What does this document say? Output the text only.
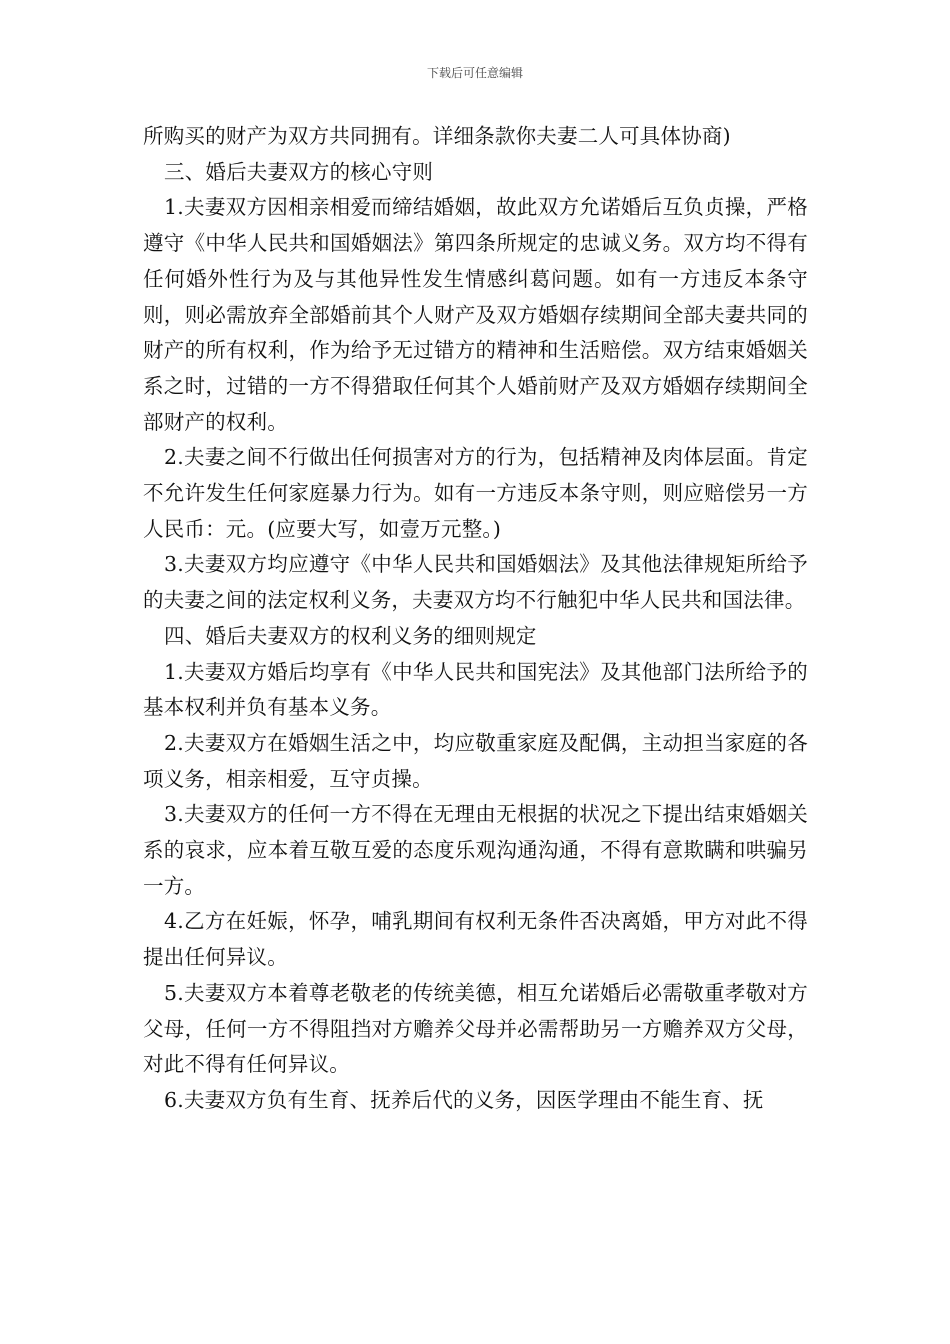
下载后可任意编辑

所购买的财产为双方共同拥有。详细条款你夫妻二人可具体协商)

三、婚后夫妻双方的核心守则

1.夫妻双方因相亲相爱而缔结婚姻，故此双方允诺婚后互负贞操，严格遵守《中华人民共和国婚姻法》第四条所规定的忠诚义务。双方均不得有任何婚外性行为及与其他异性发生情感纠葛问题。如有一方违反本条守则，则必需放弃全部婚前其个人财产及双方婚姻存续期间全部夫妻共同的财产的所有权利，作为给予无过错方的精神和生活赔偿。双方结束婚姻关系之时，过错的一方不得猎取任何其个人婚前财产及双方婚姻存续期间全部财产的权利。

2.夫妻之间不行做出任何损害对方的行为，包括精神及肉体层面。肯定不允许发生任何家庭暴力行为。如有一方违反本条守则，则应赔偿另一方人民币：元。(应要大写，如壹万元整。)

3.夫妻双方均应遵守《中华人民共和国婚姻法》及其他法律规矩所给予的夫妻之间的法定权利义务，夫妻双方均不行触犯中华人民共和国法律。

四、婚后夫妻双方的权利义务的细则规定

1.夫妻双方婚后均享有《中华人民共和国宪法》及其他部门法所给予的基本权利并负有基本义务。

2.夫妻双方在婚姻生活之中，均应敬重家庭及配偶，主动担当家庭的各项义务，相亲相爱，互守贞操。

3.夫妻双方的任何一方不得在无理由无根据的状况之下提出结束婚姻关系的哀求，应本着互敬互爱的态度乐观沟通沟通，不得有意欺瞒和哄骗另一方。

4.乙方在妊娠，怀孕，哺乳期间有权利无条件否决离婚，甲方对此不得提出任何异议。

5.夫妻双方本着尊老敬老的传统美德，相互允诺婚后必需敬重孝敬对方父母，任何一方不得阻挡对方赡养父母并必需帮助另一方赡养双方父母，对此不得有任何异议。

6.夫妻双方负有生育、抚养后代的义务，因医学理由不能生育、抚
